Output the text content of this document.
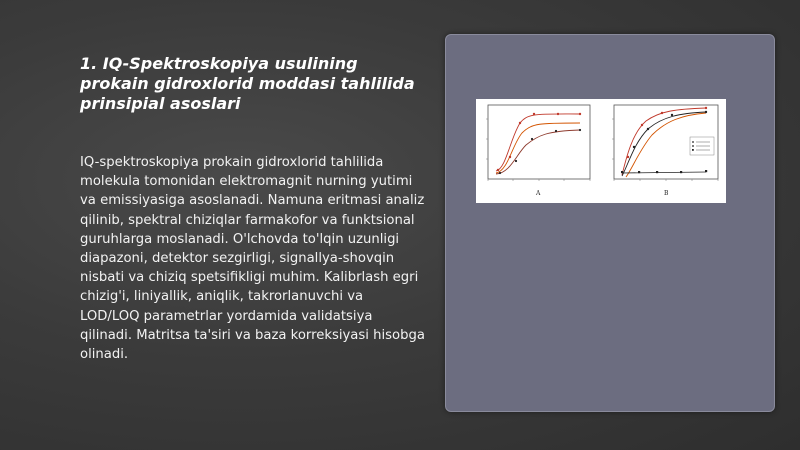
1. IQ-Spektroskopiya usulining prokain gidroxlorid moddasi tahlilida prinsipial asoslari

IQ-spektroskopiya prokain gidroxlorid tahlilida molekula tomonidan elektromagnit nurning yutimi va emissiyasiga asoslanadi. Namuna eritmasi analiz qilinib, spektral chiziqlar farmakofor va funktsional guruhlarga moslanadi. O'lchovda to'lqin uzunligi diapazoni, detektor sezgirligi, signallya-shovqin nisbati va chiziq spetsifikligi muhim. Kalibrlash egri chizig'i, liniyallik, aniqlik, takrorlanuvchi va LOD/LOQ parametrlar yordamida validatsiya qilinadi. Matritsa ta'siri va baza korreksiyasi hisobga olinadi.

A	B
